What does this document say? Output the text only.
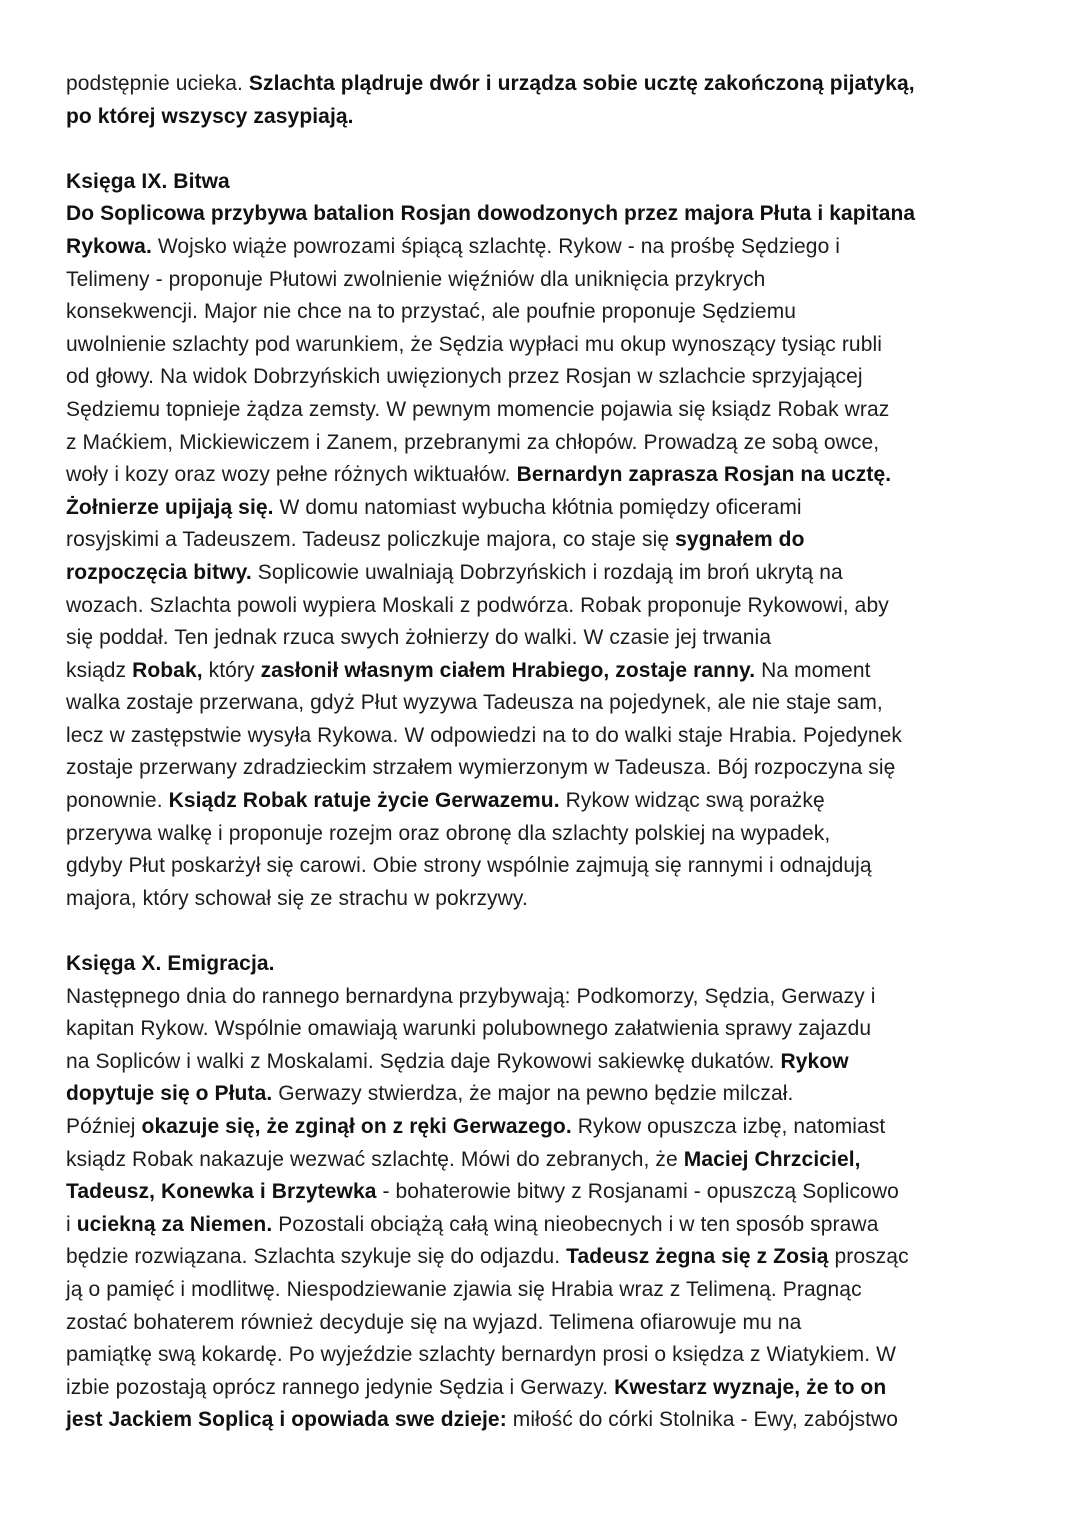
podstępnie ucieka. Szlachta plądruje dwór i urządza sobie ucztę zakończoną pijatyką,
po której wszyscy zasypiają.
Księga IX. Bitwa
Do Soplicowa przybywa batalion Rosjan dowodzonych przez majora Płuta i kapitana
Rykowa. Wojsko wiąże powrozami śpiącą szlachtę. Rykow - na prośbę Sędziego i
Telimeny - proponuje Płutowi zwolnienie więźniów dla uniknięcia przykrych
konsekwencji. Major nie chce na to przystać, ale poufnie proponuje Sędziemu
uwolnienie szlachty pod warunkiem, że Sędzia wypłaci mu okup wynoszący tysiąc rubli
od głowy. Na widok Dobrzyńskich uwięzionych przez Rosjan w szlachcie sprzyjającej
Sędziemu topnieje żądza zemsty. W pewnym momencie pojawia się ksiądz Robak wraz
z Maćkiem, Mickiewiczem i Zanem, przebranymi za chłopów. Prowadzą ze sobą owce,
woły i kozy oraz wozy pełne różnych wiktuałów. Bernardyn zaprasza Rosjan na ucztę.
Żołnierze upijają się. W domu natomiast wybucha kłótnia pomiędzy oficerami
rosyjskimi a Tadeuszem. Tadeusz policzkuje majora, co staje się sygnałem do
rozpoczęcia bitwy. Soplicowie uwalniają Dobrzyńskich i rozdają im broń ukrytą na
wozach. Szlachta powoli wypiera Moskali z podwórza. Robak proponuje Rykowowi, aby
się poddał. Ten jednak rzuca swych żołnierzy do walki. W czasie jej trwania
ksiądz Robak, który zasłonił własnym ciałem Hrabiego, zostaje ranny. Na moment
walka zostaje przerwana, gdyż Płut wyzywa Tadeusza na pojedynek, ale nie staje sam,
lecz w zastępstwie wysyła Rykowa. W odpowiedzi na to do walki staje Hrabia. Pojedynek
zostaje przerwany zdradzieckim strzałem wymierzonym w Tadeusza. Bój rozpoczyna się
ponownie. Ksiądz Robak ratuje życie Gerwazemu. Rykow widząc swą porażkę
przerywa walkę i proponuje rozejm oraz obronę dla szlachty polskiej na wypadek,
gdyby Płut poskarżył się carowi. Obie strony wspólnie zajmują się rannymi i odnajdują
majora, który schował się ze strachu w pokrzywy.
Księga X. Emigracja.
Następnego dnia do rannego bernardyna przybywają: Podkomorzy, Sędzia, Gerwazy i
kapitan Rykow. Wspólnie omawiają warunki polubownego załatwienia sprawy zajazdu
na Sopliców i walki z Moskalami. Sędzia daje Rykowowi sakiewkę dukatów. Rykow
dopytuje się o Płuta. Gerwazy stwierdza, że major na pewno będzie milczał.
Później okazuje się, że zginął on z ręki Gerwazego. Rykow opuszcza izbę, natomiast
ksiądz Robak nakazuje wezwać szlachtę. Mówi do zebranych, że Maciej Chrzciciel,
Tadeusz, Konewka i Brzytewka - bohaterowie bitwy z Rosjanami - opuszczą Soplicowo
i uciekną za Niemen. Pozostali obciążą całą winą nieobecnych i w ten sposób sprawa
będzie rozwiązana. Szlachta szykuje się do odjazdu. Tadeusz żegna się z Zosią prosząc
ją o pamięć i modlitwę. Niespodziewanie zjawia się Hrabia wraz z Telimeną. Pragnąc
zostać bohaterem również decyduje się na wyjazd. Telimena ofiarowuje mu na
pamiątkę swą kokardę. Po wyjeździe szlachty bernardyn prosi o księdza z Wiatykiem. W
izbie pozostają oprócz rannego jedynie Sędzia i Gerwazy. Kwestarz wyznaje, że to on
jest Jackiem Soplicą i opowiada swe dzieje: miłość do córki Stolnika - Ewy, zabójstwo
